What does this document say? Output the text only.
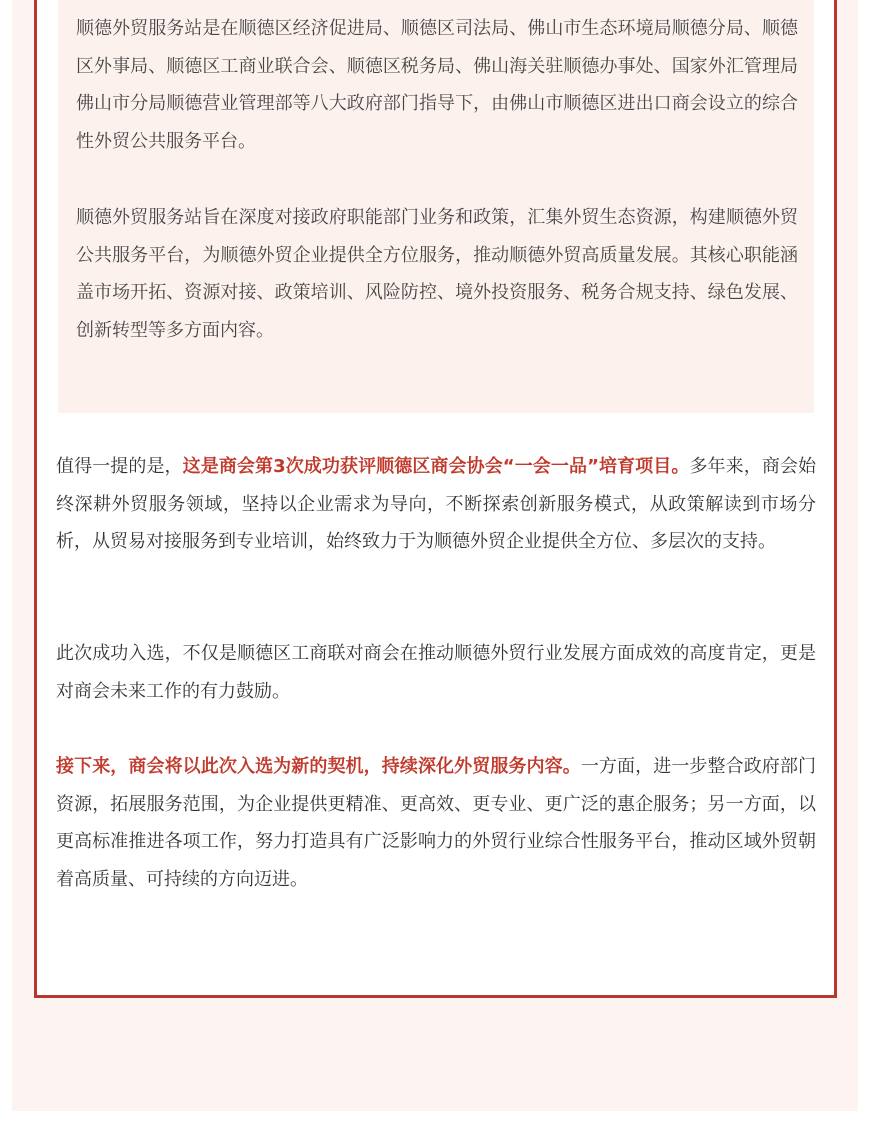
顺德外贸服务站是在顺德区经济促进局、顺德区司法局、佛山市生态环境局顺德分局、顺德区外事局、顺德区工商业联合会、顺德区税务局、佛山海关驻顺德办事处、国家外汇管理局佛山市分局顺德营业管理部等八大政府部门指导下，由佛山市顺德区进出口商会设立的综合性外贸公共服务平台。

顺德外贸服务站旨在深度对接政府职能部门业务和政策，汇集外贸生态资源，构建顺德外贸公共服务平台，为顺德外贸企业提供全方位服务，推动顺德外贸高质量发展。其核心职能涵盖市场开拓、资源对接、政策培训、风险防控、境外投资服务、税务合规支持、绿色发展、创新转型等多方面内容。

值得一提的是，这是商会第3次成功获评顺德区商会协会“一会一品”培育项目。多年来，商会始终深耕外贸服务领域，坚持以企业需求为导向，不断探索创新服务模式，从政策解读到市场分析，从贸易对接服务到专业培训，始终致力于为顺德外贸企业提供全方位、多层次的支持。

此次成功入选，不仅是顺德区工商联对商会在推动顺德外贸行业发展方面成效的高度肯定，更是对商会未来工作的有力鼓励。

接下来，商会将以此次入选为新的契机，持续深化外贸服务内容。一方面，进一步整合政府部门资源，拓展服务范围，为企业提供更精准、更高效、更专业、更广泛的惠企服务；另一方面，以更高标准推进各项工作，努力打造具有广泛影响力的外贸行业综合性服务平台，推动区域外贸朝着高质量、可持续的方向迈进。
